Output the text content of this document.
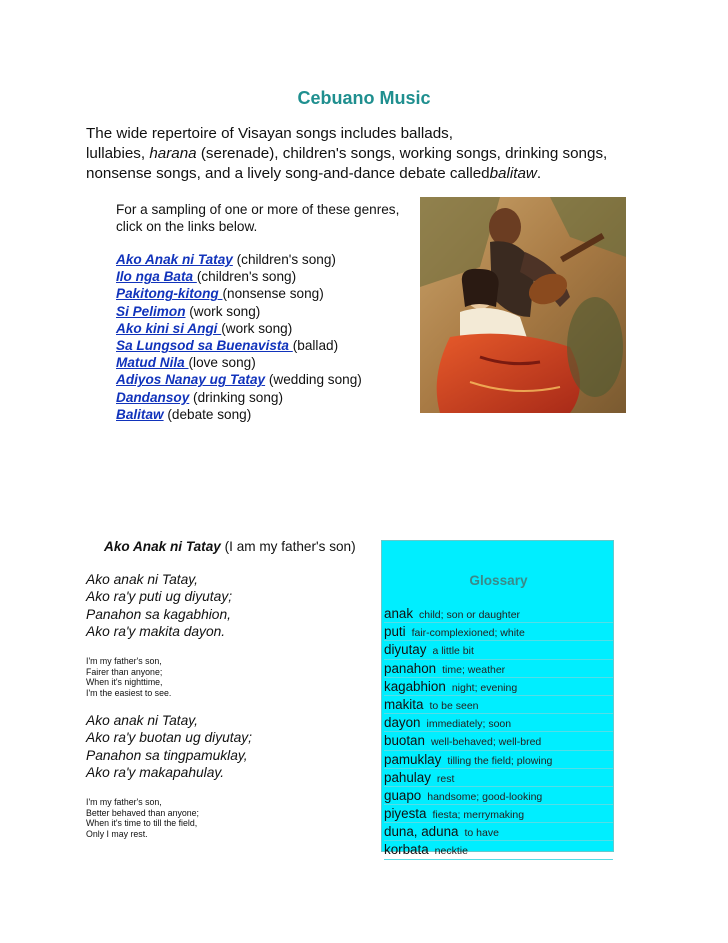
Cebuano Music
The wide repertoire of Visayan songs includes ballads,
lullabies, harana (serenade), children's songs, working songs, drinking songs,
nonsense songs, and a lively song-and-dance debate calledbalitaw.
For a sampling of one or more of these genres,
click on the links below.
Ako Anak ni Tatay (children's song)
Ilo nga Bata (children's song)
Pakitong-kitong (nonsense song)
Si Pelimon (work song)
Ako kini si Angi (work song)
Sa Lungsod sa Buenavista (ballad)
Matud Nila (love song)
Adiyos Nanay ug Tatay (wedding song)
Dandansoy (drinking song)
Balitaw (debate song)
Ako Anak ni Tatay (I am my father's son)
Ako anak ni Tatay,
Ako ra'y puti ug diyutay;
Panahon sa kagabhion,
Ako ra'y makita dayon.
I'm my father's son,
Fairer than anyone;
When it's nighttime,
I'm the easiest to see.
Ako anak ni Tatay,
Ako ra'y buotan ug diyutay;
Panahon sa tingpamuklay,
Ako ra'y makapahulay.
I'm my father's son,
Better behaved than anyone;
When it's time to till the field,
Only I may rest.
Glossary
anak child; son or daughter
puti fair-complexioned; white
diyutay a little bit
panahon time; weather
kagabhion night; evening
makita to be seen
dayon immediately; soon
buotan well-behaved; well-bred
pamuklay tilling the field; plowing
pahulay rest
guapo handsome; good-looking
piyesta fiesta; merrymaking
duna, aduna to have
korbata necktie
